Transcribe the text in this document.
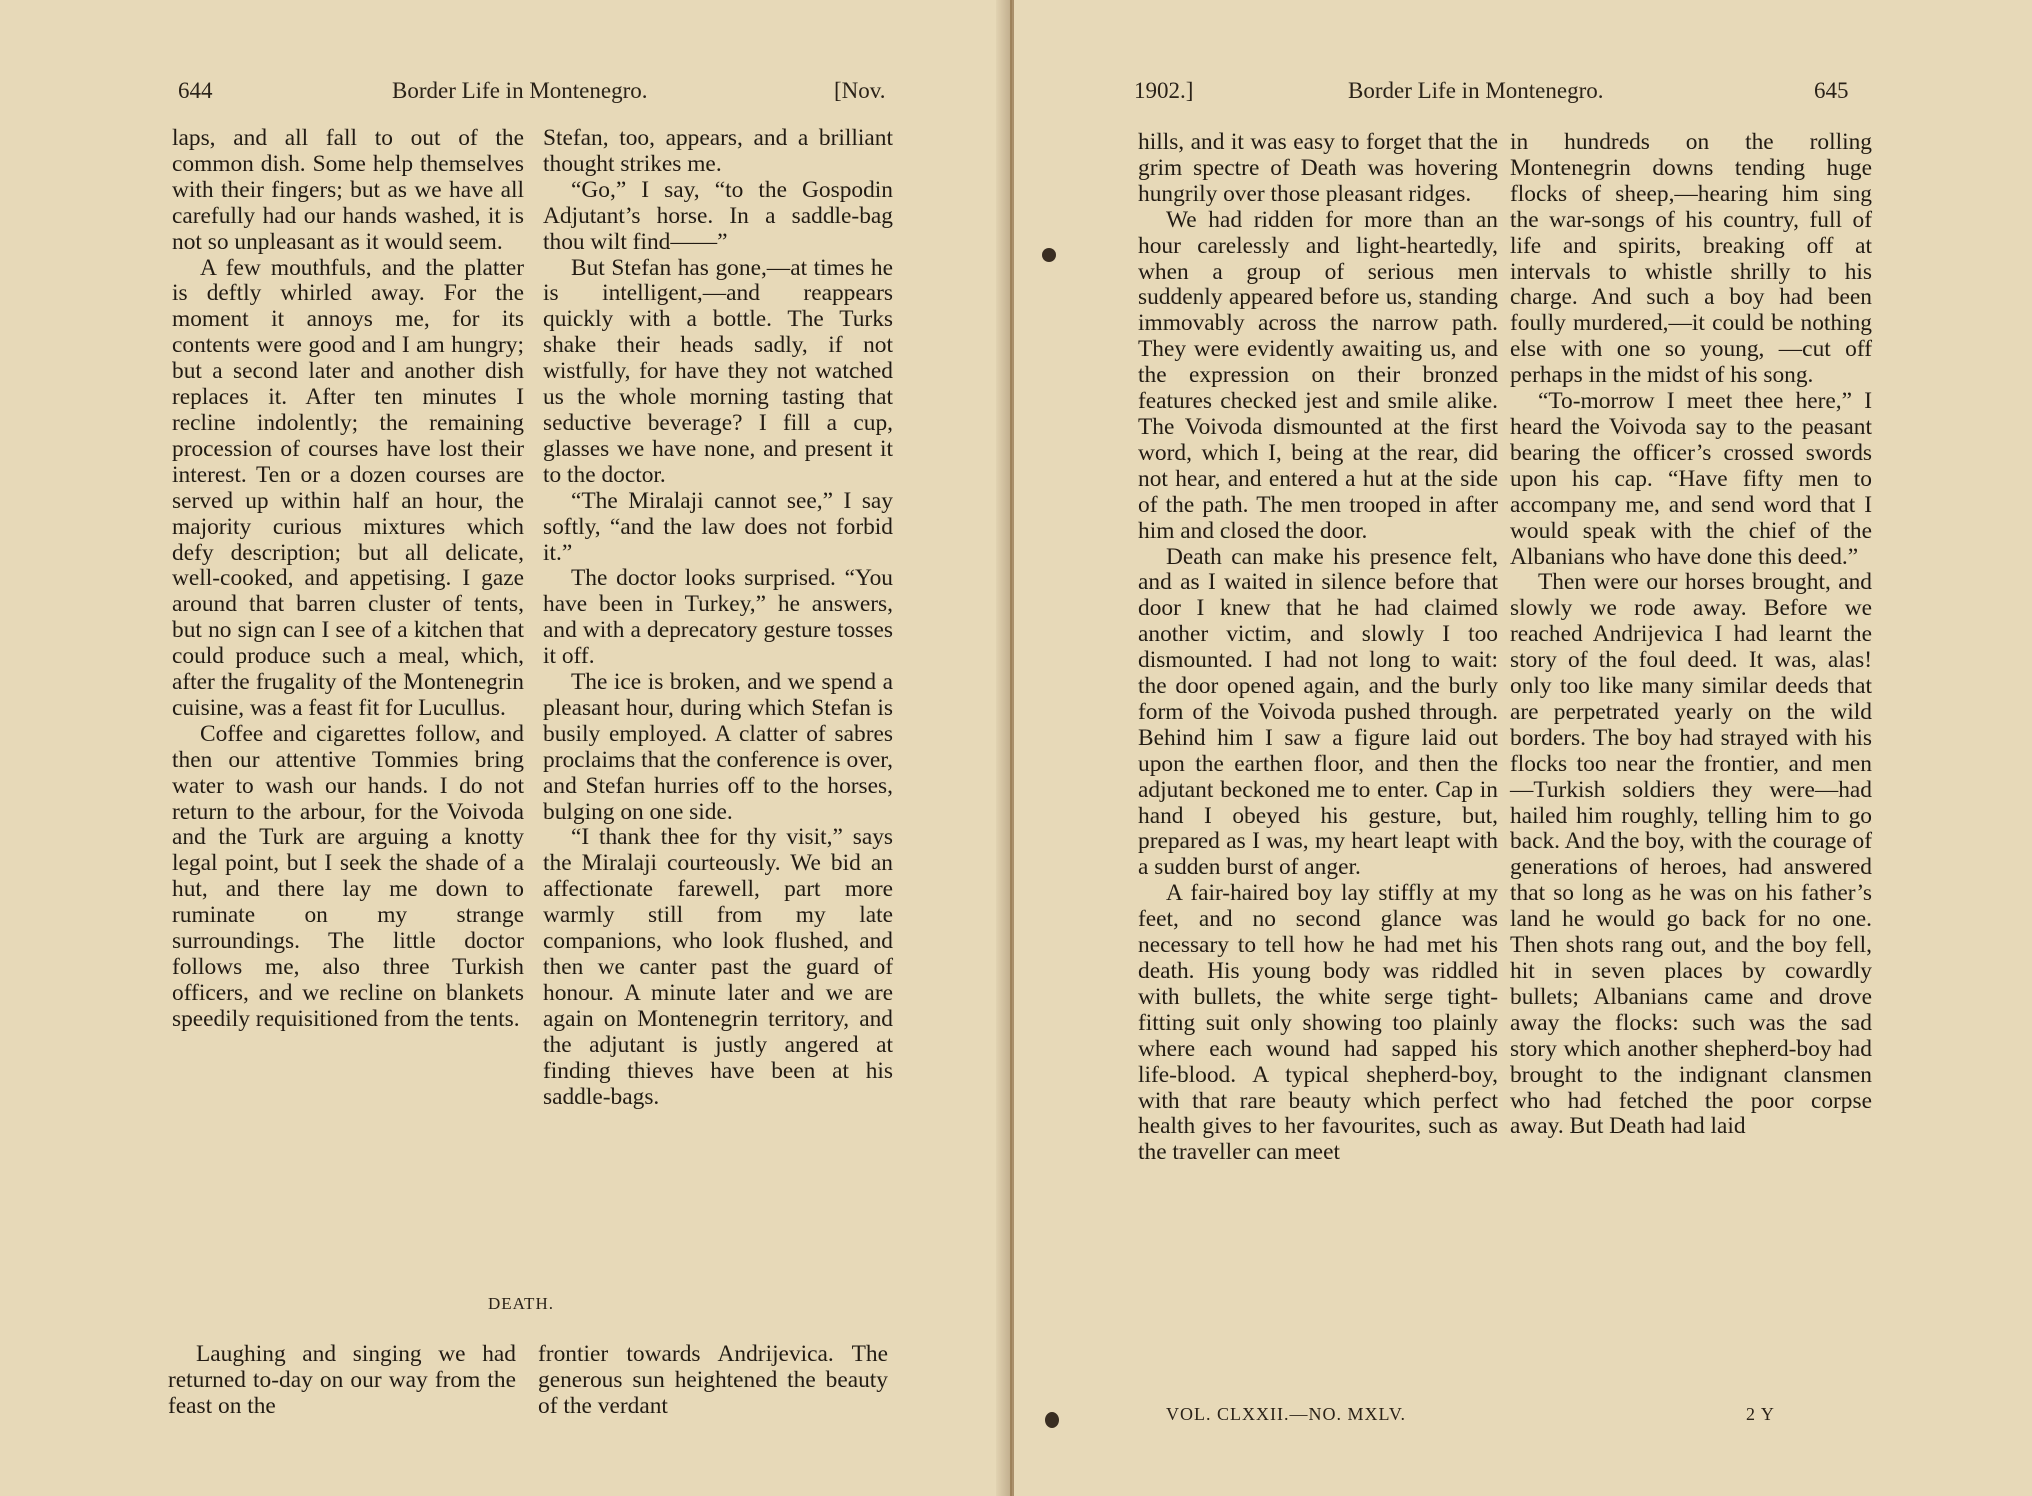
644	Border Life in Montenegro.	[Nov.

laps, and all fall to out of the common dish. Some help themselves with their fingers; but as we have all carefully had our hands washed, it is not so unpleasant as it would seem.

A few mouthfuls, and the platter is deftly whirled away. For the moment it annoys me, for its contents were good and I am hungry; but a second later and another dish replaces it. After ten minutes I recline indolently; the remaining procession of courses have lost their interest. Ten or a dozen courses are served up within half an hour, the majority curious mixtures which defy description; but all delicate, well-cooked, and appetising. I gaze around that barren cluster of tents, but no sign can I see of a kitchen that could produce such a meal, which, after the frugality of the Montenegrin cuisine, was a feast fit for Lucullus.

Coffee and cigarettes follow, and then our attentive Tommies bring water to wash our hands. I do not return to the arbour, for the Voivoda and the Turk are arguing a knotty legal point, but I seek the shade of a hut, and there lay me down to ruminate on my strange surroundings. The little doctor follows me, also three Turkish officers, and we recline on blankets speedily requisitioned from the tents.

Stefan, too, appears, and a brilliant thought strikes me.

“Go,” I say, “to the Gospodin Adjutant’s horse. In a saddle-bag thou wilt find——”

But Stefan has gone,—at times he is intelligent,—and reappears quickly with a bottle. The Turks shake their heads sadly, if not wistfully, for have they not watched us the whole morning tasting that seductive beverage? I fill a cup, glasses we have none, and present it to the doctor.

“The Miralaji cannot see,” I say softly, “and the law does not forbid it.”

The doctor looks surprised. “You have been in Turkey,” he answers, and with a deprecatory gesture tosses it off.

The ice is broken, and we spend a pleasant hour, during which Stefan is busily employed. A clatter of sabres proclaims that the conference is over, and Stefan hurries off to the horses, bulging on one side.

“I thank thee for thy visit,” says the Miralaji courteously. We bid an affectionate farewell, part more warmly still from my late companions, who look flushed, and then we canter past the guard of honour. A minute later and we are again on Montenegrin territory, and the adjutant is justly angered at finding thieves have been at his saddle-bags.

DEATH.

Laughing and singing we had returned to-day on our way from the feast on the

frontier towards Andrijevica. The generous sun heightened the beauty of the verdant

1902.]	Border Life in Montenegro.	645

hills, and it was easy to forget that the grim spectre of Death was hovering hungrily over those pleasant ridges.

We had ridden for more than an hour carelessly and light-heartedly, when a group of serious men suddenly appeared before us, standing immovably across the narrow path. They were evidently awaiting us, and the expression on their bronzed features checked jest and smile alike. The Voivoda dismounted at the first word, which I, being at the rear, did not hear, and entered a hut at the side of the path. The men trooped in after him and closed the door.

Death can make his presence felt, and as I waited in silence before that door I knew that he had claimed another victim, and slowly I too dismounted. I had not long to wait: the door opened again, and the burly form of the Voivoda pushed through. Behind him I saw a figure laid out upon the earthen floor, and then the adjutant beckoned me to enter. Cap in hand I obeyed his gesture, but, prepared as I was, my heart leapt with a sudden burst of anger.

A fair-haired boy lay stiffly at my feet, and no second glance was necessary to tell how he had met his death. His young body was riddled with bullets, the white serge tight-fitting suit only showing too plainly where each wound had sapped his life-blood. A typical shepherd-boy, with that rare beauty which perfect health gives to her favourites, such as the traveller can meet

in hundreds on the rolling Montenegrin downs tending huge flocks of sheep,—hearing him sing the war-songs of his country, full of life and spirits, breaking off at intervals to whistle shrilly to his charge. And such a boy had been foully murdered,—it could be nothing else with one so young, —cut off perhaps in the midst of his song.

“To-morrow I meet thee here,” I heard the Voivoda say to the peasant bearing the officer’s crossed swords upon his cap. “Have fifty men to accompany me, and send word that I would speak with the chief of the Albanians who have done this deed.”

Then were our horses brought, and slowly we rode away. Before we reached Andrijevica I had learnt the story of the foul deed. It was, alas! only too like many similar deeds that are perpetrated yearly on the wild borders. The boy had strayed with his flocks too near the frontier, and men—Turkish soldiers they were—had hailed him roughly, telling him to go back. And the boy, with the courage of generations of heroes, had answered that so long as he was on his father’s land he would go back for no one. Then shots rang out, and the boy fell, hit in seven places by cowardly bullets; Albanians came and drove away the flocks: such was the sad story which another shepherd-boy had brought to the indignant clansmen who had fetched the poor corpse away. But Death had laid

VOL. CLXXII.—NO. MXLV.	2 Y
